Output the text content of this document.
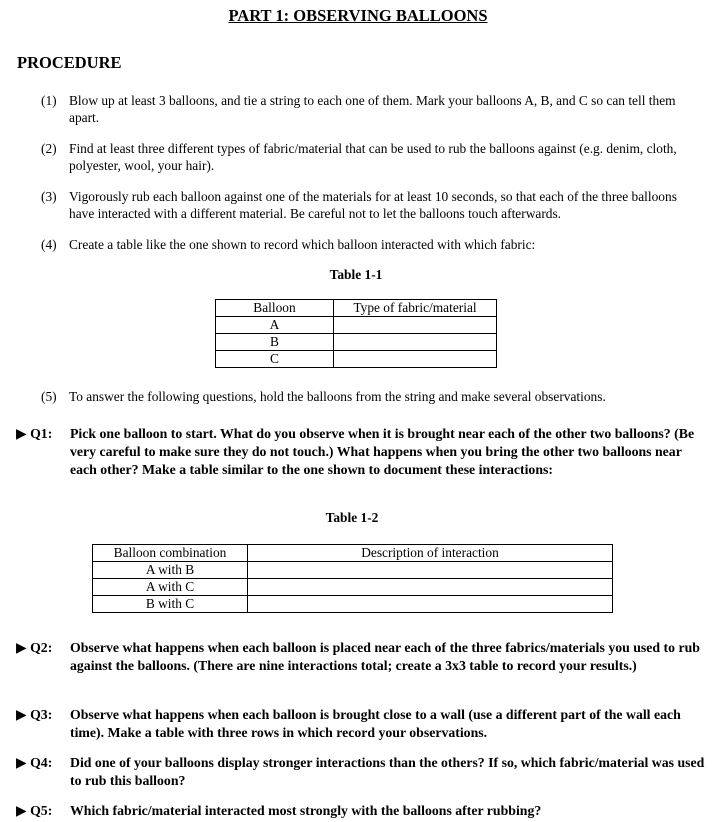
PART 1: OBSERVING BALLOONS
PROCEDURE
(1) Blow up at least 3 balloons, and tie a string to each one of them. Mark your balloons A, B, and C so can tell them apart.
(2) Find at least three different types of fabric/material that can be used to rub the balloons against (e.g. denim, cloth, polyester, wool, your hair).
(3) Vigorously rub each balloon against one of the materials for at least 10 seconds, so that each of the three balloons have interacted with a different material. Be careful not to let the balloons touch afterwards.
(4) Create a table like the one shown to record which balloon interacted with which fabric:
Table 1-1
Balloon	Type of fabric/material
A	
B	
C	
(5) To answer the following questions, hold the balloons from the string and make several observations.
▶ Q1: Pick one balloon to start. What do you observe when it is brought near each of the other two balloons? (Be very careful to make sure they do not touch.) What happens when you bring the other two balloons near each other? Make a table similar to the one shown to document these interactions:
Table 1-2
Balloon combination	Description of interaction
A with B	
A with C	
B with C	
▶ Q2: Observe what happens when each balloon is placed near each of the three fabrics/materials you used to rub against the balloons. (There are nine interactions total; create a 3x3 table to record your results.)
▶ Q3: Observe what happens when each balloon is brought close to a wall (use a different part of the wall each time). Make a table with three rows in which record your observations.
▶ Q4: Did one of your balloons display stronger interactions than the others? If so, which fabric/material was used to rub this balloon?
▶ Q5: Which fabric/material interacted most strongly with the balloons after rubbing?
